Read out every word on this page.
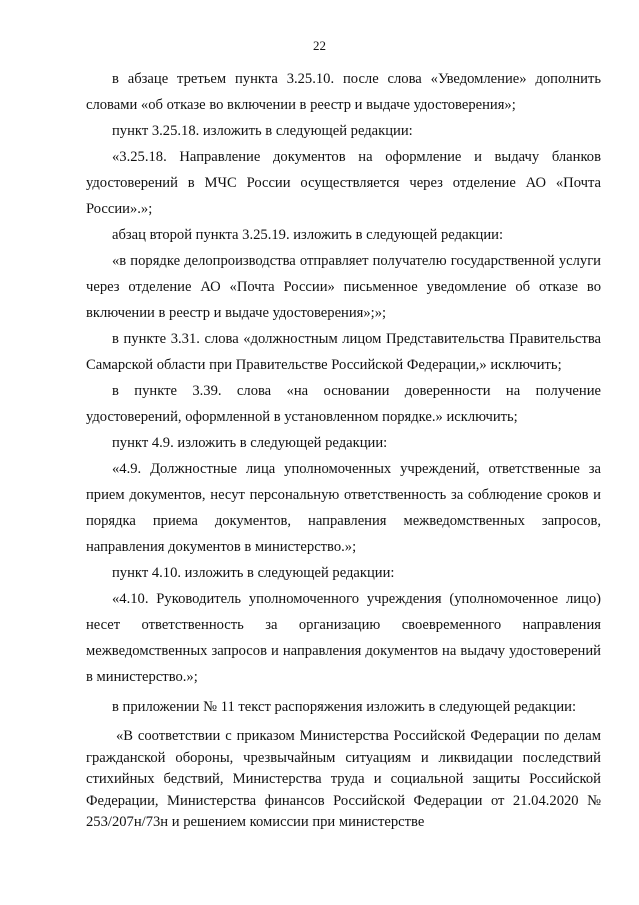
22

в абзаце третьем пункта 3.25.10. после слова «Уведомление» дополнить словами «об отказе во включении в реестр и выдаче удостоверения»;

пункт 3.25.18. изложить в следующей редакции:

«3.25.18. Направление документов на оформление и выдачу бланков удостоверений в МЧС России осуществляется через отделение АО «Почта России».»;

абзац второй пункта 3.25.19. изложить в следующей редакции:

«в порядке делопроизводства отправляет получателю государственной услуги через отделение АО «Почта России» письменное уведомление об отказе во включении в реестр и выдаче удостоверения»;»;

в пункте 3.31. слова «должностным лицом Представительства Правительства Самарской области при Правительстве Российской Федерации,» исключить;

в пункте 3.39. слова «на основании доверенности на получение удостоверений, оформленной в установленном порядке.» исключить;

пункт 4.9. изложить в следующей редакции:

«4.9. Должностные лица уполномоченных учреждений, ответственные за прием документов, несут персональную ответственность за соблюдение сроков и порядка приема документов, направления межведомственных запросов, направления документов в министерство.»;

пункт 4.10. изложить в следующей редакции:

«4.10. Руководитель уполномоченного учреждения (уполномоченное лицо) несет ответственность за организацию своевременного направления межведомственных запросов и направления документов на выдачу удостоверений в министерство.»;

в приложении № 11 текст распоряжения изложить в следующей редакции:

«В соответствии с приказом Министерства Российской Федерации по делам гражданской обороны, чрезвычайным ситуациям и ликвидации последствий стихийных бедствий, Министерства труда и социальной защиты Российской Федерации, Министерства финансов Российской Федерации от 21.04.2020 № 253/207н/73н и решением комиссии при министерстве
